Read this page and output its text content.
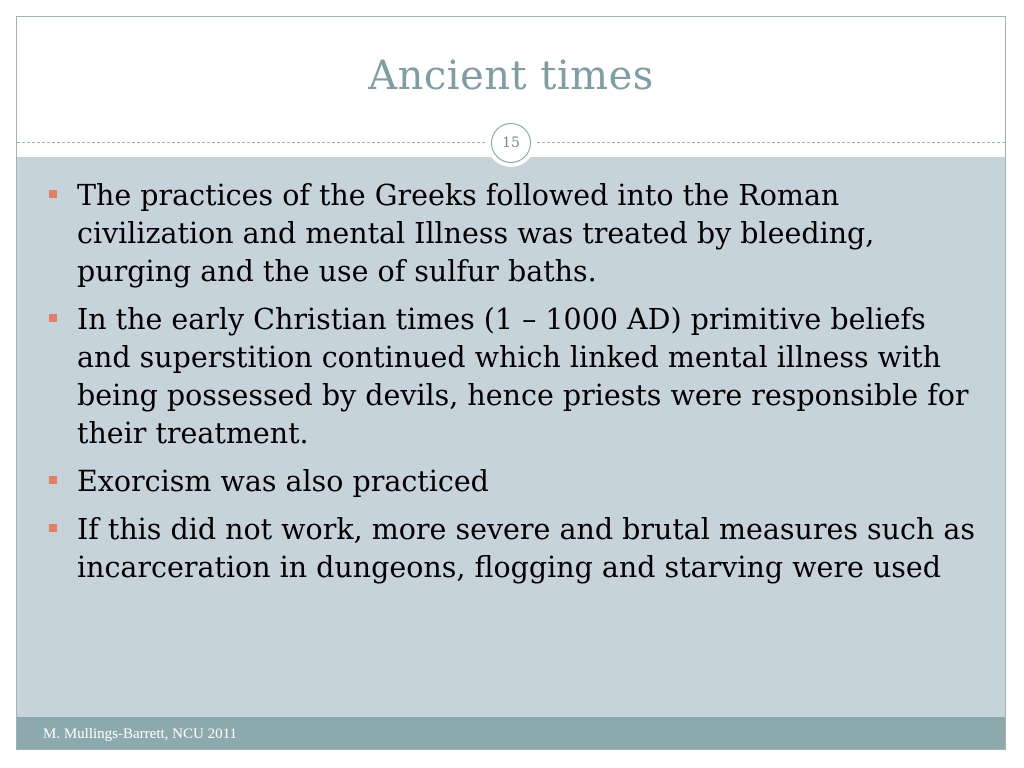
Ancient times
15
The practices of the Greeks followed into the Roman civilization and mental Illness was treated by bleeding, purging and the use of sulfur baths.
In the early Christian times (1 – 1000 AD) primitive beliefs and superstition continued which linked mental illness with being possessed by devils, hence priests were responsible for their treatment.
Exorcism was also practiced
If this did not work, more severe and brutal measures such as incarceration in dungeons, flogging and starving were used
M. Mullings-Barrett, NCU 2011
